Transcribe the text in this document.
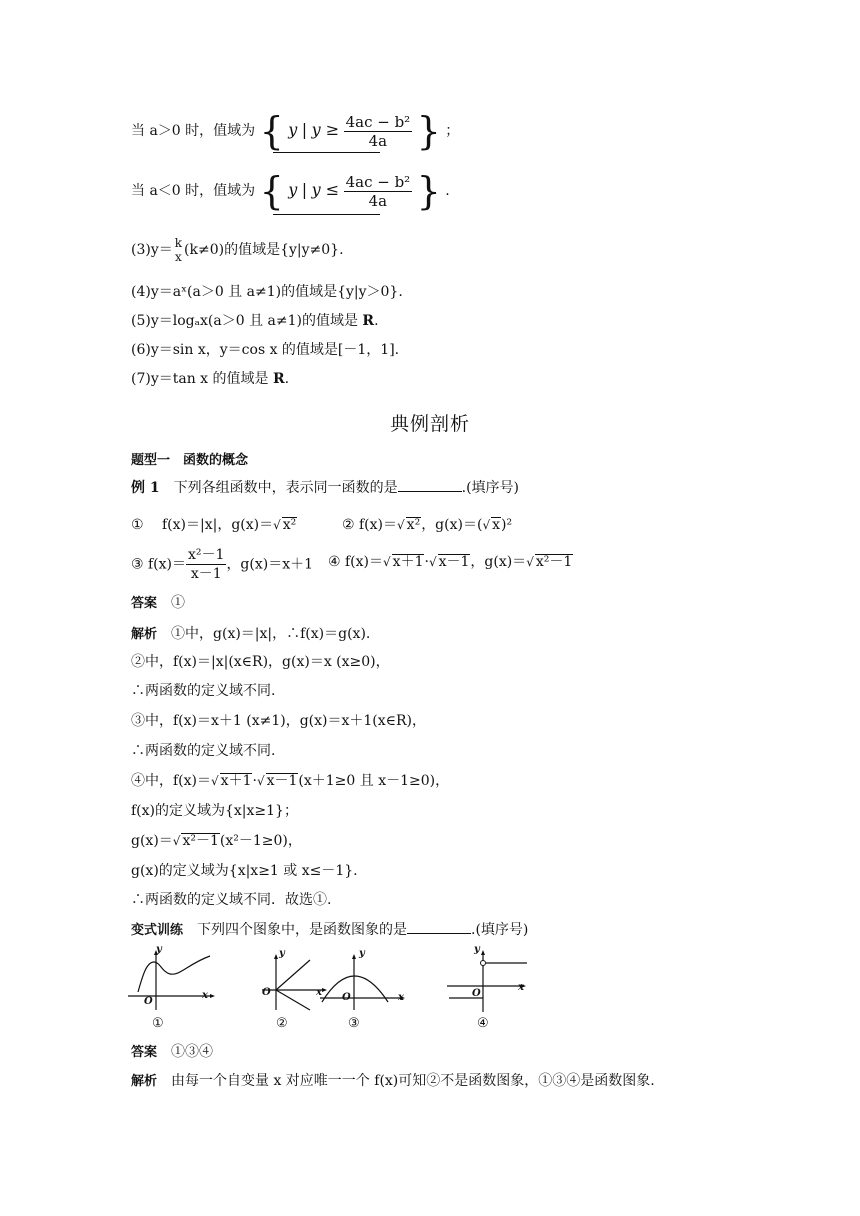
当 a＞0 时，值域为 { y | $y \ge \frac{\text{4ac − b²}}{4a}$ } ；
当 a＜0 时，值域为 { y | $y \le \frac{\text{4ac − b²}}{4a}$ } .
(3)y＝ k
x (k≠0)的值域是{y|y≠0}.
(4)y＝aˣ(a＞0 且 a≠1)的值域是{y|y＞0}.
(5)y＝logₐx(a＞0 且 a≠1)的值域是 R.
(6)y＝sin x，y＝cos x 的值域是[－1，1].
(7)y＝tan x 的值域是 R.
典例剖析
题型一　函数的概念
例 1　下列各组函数中，表示同一函数的是	.(填序号)
①　 f(x)＝|x|，g(x)＝√ x²	② f(x)＝√ x²，g(x)＝(√ x)²
③ $f(x)= \frac{\text{x²－1}}{x-1}$ ，g(x)＝x＋1 ④ f(x)＝√ x＋1·√ x－1，g(x)＝√ x²－1
答案　①
解析　①中，g(x)＝|x|，∴f(x)＝g(x).
②中，f(x)＝|x|(x∈R)，g(x)＝x (x≥0)，
∴两函数的定义域不同.
③中，f(x)＝x＋1 (x≠1)，g(x)＝x＋1(x∈R)，
∴两函数的定义域不同.
④中，f(x)＝√ x＋1·√ x－1(x＋1≥0 且 x－1≥0)，
f(x)的定义域为{x|x≥1}；
g(x)＝√ x²－1(x²－1≥0)，
g(x)的定义域为{x|x≥1 或 x≤－1}.
∴两函数的定义域不同．故选①.
变式训练　下列四个图象中，是函数图象的是	.(填序号)
y
O
x
①
y
O	x
②
y
O	x
③
y
O
x
④
答案　①③④
解析　由每一个自变量 x 对应唯一一个 f(x)可知②不是函数图象，①③④是函数图象.
